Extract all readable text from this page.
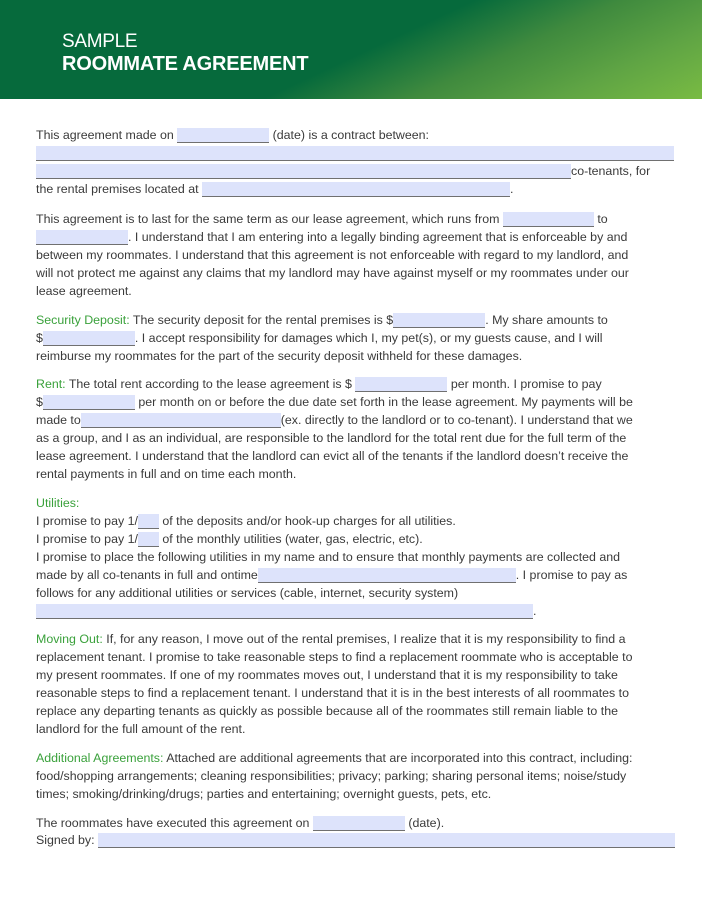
SAMPLE
ROOMMATE AGREEMENT
This agreement made on	(date) is a contract between:
co-tenants, for
the rental premises located at	.
This agreement is to last for the same term as our lease agreement, which runs from	to
. I understand that I am entering into a legally binding agreement that is enforceable by and
between my roommates. I understand that this agreement is not enforceable with regard to my landlord, and
will not protect me against any claims that my landlord may have against myself or my roommates under our
lease agreement.
Security Deposit: The security deposit for the rental premises is $	. My share amounts to
$	. I accept responsibility for damages which I, my pet(s), or my guests cause, and I will
reimburse my roommates for the part of the security deposit withheld for these damages.
Rent: The total rent according to the lease agreement is $	per month. I promise to pay
$	per month on or before the due date set forth in the lease agreement. My payments will be
made to	(ex. directly to the landlord or to co-tenant). I understand that we
as a group, and I as an individual, are responsible to the landlord for the total rent due for the full term of the
lease agreement. I understand that the landlord can evict all of the tenants if the landlord doesn’t receive the
rental payments in full and on time each month.
Utilities:
I promise to pay 1/ of the deposits and/or hook-up charges for all utilities.
I promise to pay 1/ of the monthly utilities (water, gas, electric, etc).
I promise to place the following utilities in my name and to ensure that monthly payments are collected and
made by all co-tenants in full and ontime	. I promise to pay as
follows for any additional utilities or services (cable, internet, security system)
.
Moving Out: If, for any reason, I move out of the rental premises, I realize that it is my responsibility to find a
replacement tenant. I promise to take reasonable steps to find a replacement roommate who is acceptable to
my present roommates. If one of my roommates moves out, I understand that it is my responsibility to take
reasonable steps to find a replacement tenant. I understand that it is in the best interests of all roommates to
replace any departing tenants as quickly as possible because all of the roommates still remain liable to the
landlord for the full amount of the rent.
Additional Agreements: Attached are additional agreements that are incorporated into this contract, including:
food/shopping arrangements; cleaning responsibilities; privacy; parking; sharing personal items; noise/study
times; smoking/drinking/drugs; parties and entertaining; overnight guests, pets, etc.
The roommates have executed this agreement on	(date).
Signed by:
